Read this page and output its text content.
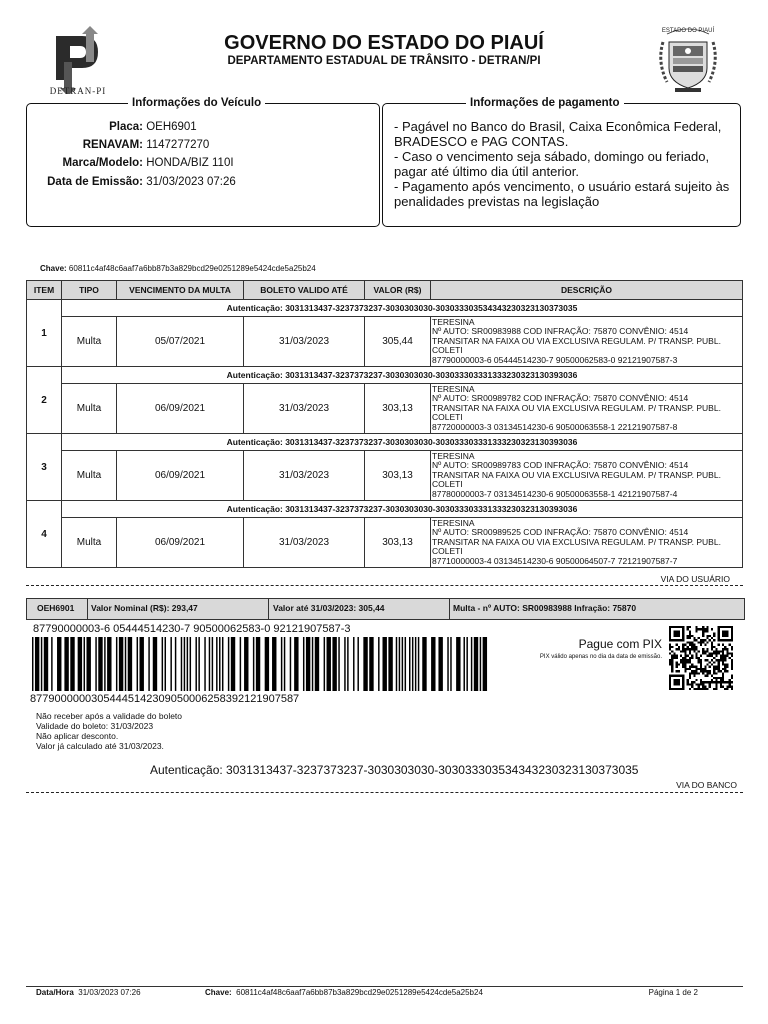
DETRAN-PI
GOVERNO DO ESTADO DO PIAUÍ
DEPARTAMENTO ESTADUAL DE TRÂNSITO - DETRAN/PI
ESTADO DO PIAUÍ
Informações do Veículo
Placa: OEH6901
RENAVAM: 1147277270
Marca/Modelo: HONDA/BIZ 110I
Data de Emissão: 31/03/2023 07:26
Informações de pagamento
- Pagável no Banco do Brasil, Caixa Econômica Federal, BRADESCO e PAG CONTAS.
- Caso o vencimento seja sábado, domingo ou feriado, pagar até último dia útil anterior.
- Pagamento após vencimento, o usuário estará sujeito às penalidades previstas na legislação
Chave: 60811c4af48c6aaf7a6bb87b3a829bcd29e0251289e5424cde5a25b24
ITEM	TIPO	VENCIMENTO DA MULTA	BOLETO VALIDO ATÉ	VALOR (R$)	DESCRIÇÃO
1	Autenticação: 3031313437-3237373237-3030303030-303033303534343230323130373035				
	Multa	05/07/2021	31/03/2023	305,44	TERESINA
Nº AUTO: SR00983988 COD INFRAÇÃO: 75870 CONVÊNIO: 4514
TRANSITAR NA FAIXA OU VIA EXCLUSIVA REGULAM. P/ TRANSP. PUBL. COLETI
87790000003-6 05444514230-7 90500062583-0 92121907587-3

2	Autenticação: 3031313437-3237373237-3030303030-303033303331333230323130393036				
	Multa	06/09/2021	31/03/2023	303,13	TERESINA
Nº AUTO: SR00989782 COD INFRAÇÃO: 75870 CONVÊNIO: 4514
TRANSITAR NA FAIXA OU VIA EXCLUSIVA REGULAM. P/ TRANSP. PUBL. COLETI
87720000003-3 03134514230-6 90500063558-1 22121907587-8

3	Autenticação: 3031313437-3237373237-3030303030-303033303331333230323130393036				
	Multa	06/09/2021	31/03/2023	303,13	TERESINA
Nº AUTO: SR00989783 COD INFRAÇÃO: 75870 CONVÊNIO: 4514
TRANSITAR NA FAIXA OU VIA EXCLUSIVA REGULAM. P/ TRANSP. PUBL. COLETI
87780000003-7 03134514230-6 90500063558-1 42121907587-4

4	Autenticação: 3031313437-3237373237-3030303030-303033303331333230323130393036				
	Multa	06/09/2021	31/03/2023	303,13	TERESINA
Nº AUTO: SR00989525 COD INFRAÇÃO: 75870 CONVÊNIO: 4514
TRANSITAR NA FAIXA OU VIA EXCLUSIVA REGULAM. P/ TRANSP. PUBL. COLETI
87710000003-4 03134514230-6 90500064507-7 72121907587-7
VIA DO USUÁRIO
OEH6901 Valor Nominal (R$): 293,47	Valor até 31/03/2023: 305,44	Multa - nº AUTO: SR00983988 Infração: 75870
87790000003-6 05444514230-7 90500062583-0 92121907587-3
87790000003054445142309050006258392121907587
Não receber após a validade do boleto
Validade do boleto: 31/03/2023
Não aplicar desconto.
Valor já calculado até 31/03/2023.
Pague com PIX
PIX válido apenas no dia da data de emissão.
Autenticação: 3031313437-3237373237-3030303030-303033303534343230323130373035
VIA DO BANCO
Data/Hora 31/03/2023 07:26	Chave: 60811c4af48c6aaf7a6bb87b3a829bcd29e0251289e5424cde5a25b24	Página 1 de 2
